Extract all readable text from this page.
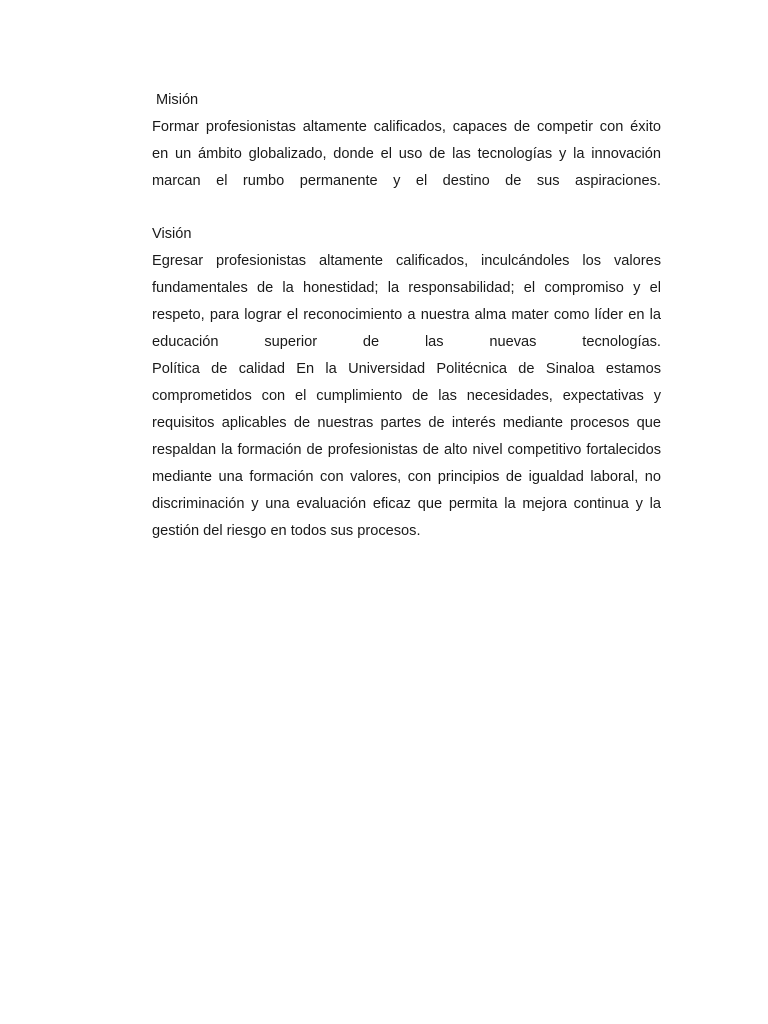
Misión
Formar profesionistas altamente calificados, capaces de competir con éxito
en un ámbito globalizado, donde el uso de las tecnologías y la innovación
marcan el rumbo permanente y el destino de sus aspiraciones.
Visión
Egresar profesionistas altamente calificados, inculcándoles los valores
fundamentales de la honestidad; la responsabilidad; el compromiso y el
respeto, para lograr el reconocimiento a nuestra alma mater como líder en la
educación superior de las nuevas tecnologías.
Política de calidad En la Universidad Politécnica de Sinaloa estamos
comprometidos con el cumplimiento de las necesidades, expectativas y
requisitos aplicables de nuestras partes de interés mediante procesos que
respaldan la formación de profesionistas de alto nivel competitivo fortalecidos
mediante una formación con valores, con principios de igualdad laboral, no
discriminación y una evaluación eficaz que permita la mejora continua y la
gestión del riesgo en todos sus procesos.
